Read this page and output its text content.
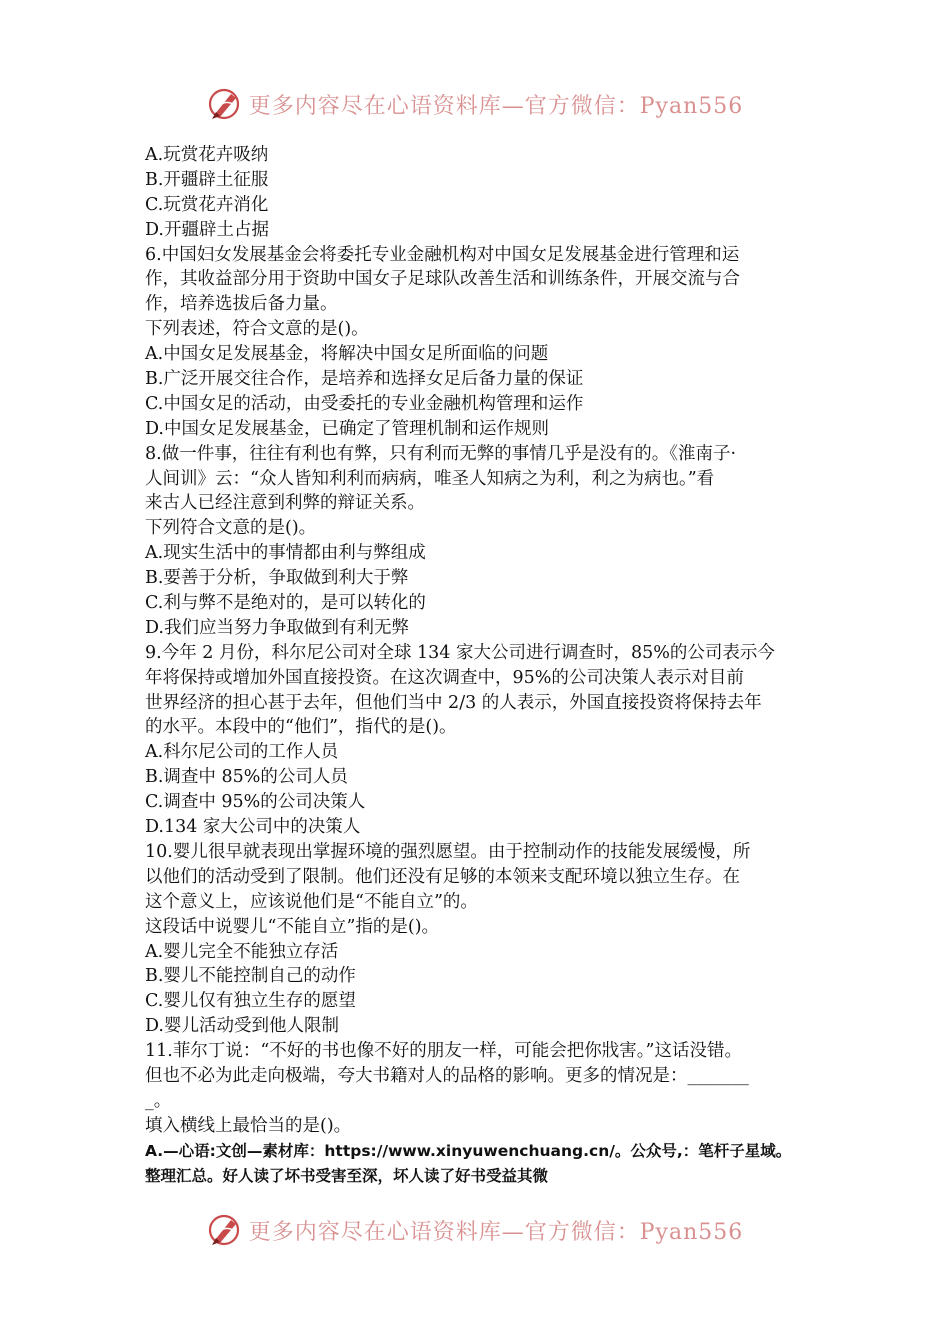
更多内容尽在心语资料库—官方微信：Pyan556
A.玩赏花卉吸纳
B.开疆辟土征服
C.玩赏花卉消化
D.开疆辟土占据
6.中国妇女发展基金会将委托专业金融机构对中国女足发展基金进行管理和运
作，其收益部分用于资助中国女子足球队改善生活和训练条件，开展交流与合
作，培养选拔后备力量。
下列表述，符合文意的是()。
A.中国女足发展基金，将解决中国女足所面临的问题
B.广泛开展交往合作，是培养和选择女足后备力量的保证
C.中国女足的活动，由受委托的专业金融机构管理和运作
D.中国女足发展基金，已确定了管理机制和运作规则
8.做一件事，往往有利也有弊，只有利而无弊的事情几乎是没有的。《淮南子·
人间训》云：“众人皆知利利而病病，唯圣人知病之为利，利之为病也。”看
来古人已经注意到利弊的辩证关系。
下列符合文意的是()。
A.现实生活中的事情都由利与弊组成
B.要善于分析，争取做到利大于弊
C.利与弊不是绝对的，是可以转化的
D.我们应当努力争取做到有利无弊
9.今年 2 月份，科尔尼公司对全球 134 家大公司进行调查时，85%的公司表示今
年将保持或增加外国直接投资。在这次调查中，95%的公司决策人表示对目前
世界经济的担心甚于去年，但他们当中 2/3 的人表示，外国直接投资将保持去年
的水平。本段中的“他们”，指代的是()。
A.科尔尼公司的工作人员
B.调查中 85%的公司人员
C.调查中 95%的公司决策人
D.134 家大公司中的决策人
10.婴儿很早就表现出掌握环境的强烈愿望。由于控制动作的技能发展缓慢，所
以他们的活动受到了限制。他们还没有足够的本领来支配环境以独立生存。在
这个意义上，应该说他们是“不能自立”的。
这段话中说婴儿“不能自立”指的是()。
A.婴儿完全不能独立存活
B.婴儿不能控制自己的动作
C.婴儿仅有独立生存的愿望
D.婴儿活动受到他人限制
11.菲尔丁说：“不好的书也像不好的朋友一样，可能会把你戕害。”这话没错。
但也不必为此走向极端，夸大书籍对人的品格的影响。更多的情况是：_______
_。
填入横线上最恰当的是()。
A.—心语:文创—素材库：https://www.xinyuwenchuang.cn/。公众号,：笔杆子星域。
整理汇总。好人读了坏书受害至深，坏人读了好书受益其微
更多内容尽在心语资料库—官方微信：Pyan556
